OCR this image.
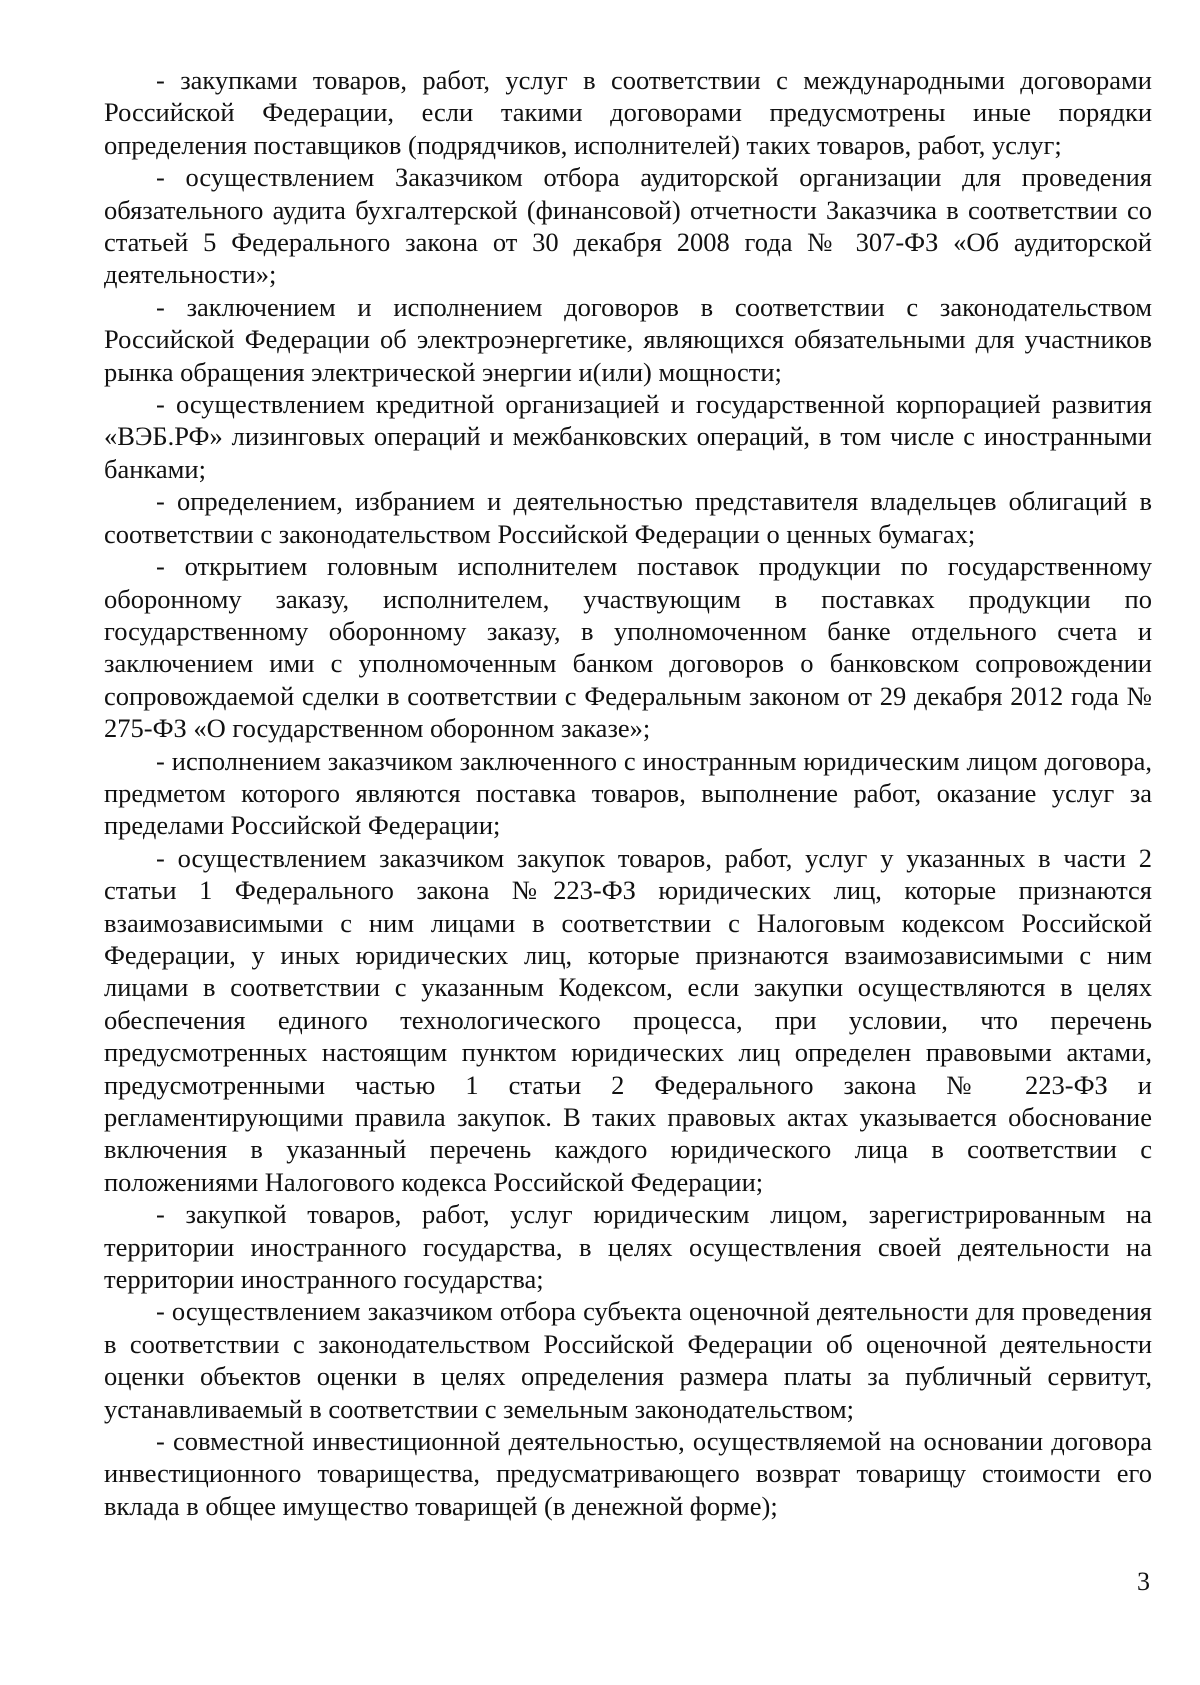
- закупками товаров, работ, услуг в соответствии с международными договорами Российской Федерации, если такими договорами предусмотрены иные порядки определения поставщиков (подрядчиков, исполнителей) таких товаров, работ, услуг;

- осуществлением Заказчиком отбора аудиторской организации для проведения обязательного аудита бухгалтерской (финансовой) отчетности Заказчика в соответствии со статьей 5 Федерального закона от 30 декабря 2008 года № 307-ФЗ «Об аудиторской деятельности»;

- заключением и исполнением договоров в соответствии с законодательством Российской Федерации об электроэнергетике, являющихся обязательными для участников рынка обращения электрической энергии и(или) мощности;

- осуществлением кредитной организацией и государственной корпорацией развития «ВЭБ.РФ» лизинговых операций и межбанковских операций, в том числе с иностранными банками;

- определением, избранием и деятельностью представителя владельцев облигаций в соответствии с законодательством Российской Федерации о ценных бумагах;

- открытием головным исполнителем поставок продукции по государственному оборонному заказу, исполнителем, участвующим в поставках продукции по государственному оборонному заказу, в уполномоченном банке отдельного счета и заключением ими с уполномоченным банком договоров о банковском сопровождении сопровождаемой сделки в соответствии с Федеральным законом от 29 декабря 2012 года № 275-ФЗ «О государственном оборонном заказе»;

- исполнением заказчиком заключенного с иностранным юридическим лицом договора, предметом которого являются поставка товаров, выполнение работ, оказание услуг за пределами Российской Федерации;

- осуществлением заказчиком закупок товаров, работ, услуг у указанных в части 2 статьи 1 Федерального закона №223-ФЗ юридических лиц, которые признаются взаимозависимыми с ним лицами в соответствии с Налоговым кодексом Российской Федерации, у иных юридических лиц, которые признаются взаимозависимыми с ним лицами в соответствии с указанным Кодексом, если закупки осуществляются в целях обеспечения единого технологического процесса, при условии, что перечень предусмотренных настоящим пунктом юридических лиц определен правовыми актами, предусмотренными частью 1 статьи 2 Федерального закона № 223-ФЗ и регламентирующими правила закупок. В таких правовых актах указывается обоснование включения в указанный перечень каждого юридического лица в соответствии с положениями Налогового кодекса Российской Федерации;

- закупкой товаров, работ, услуг юридическим лицом, зарегистрированным на территории иностранного государства, в целях осуществления своей деятельности на территории иностранного государства;

- осуществлением заказчиком отбора субъекта оценочной деятельности для проведения в соответствии с законодательством Российской Федерации об оценочной деятельности оценки объектов оценки в целях определения размера платы за публичный сервитут, устанавливаемый в соответствии с земельным законодательством;

- совместной инвестиционной деятельностью, осуществляемой на основании договора инвестиционного товарищества, предусматривающего возврат товарищу стоимости его вклада в общее имущество товарищей (в денежной форме);

3
